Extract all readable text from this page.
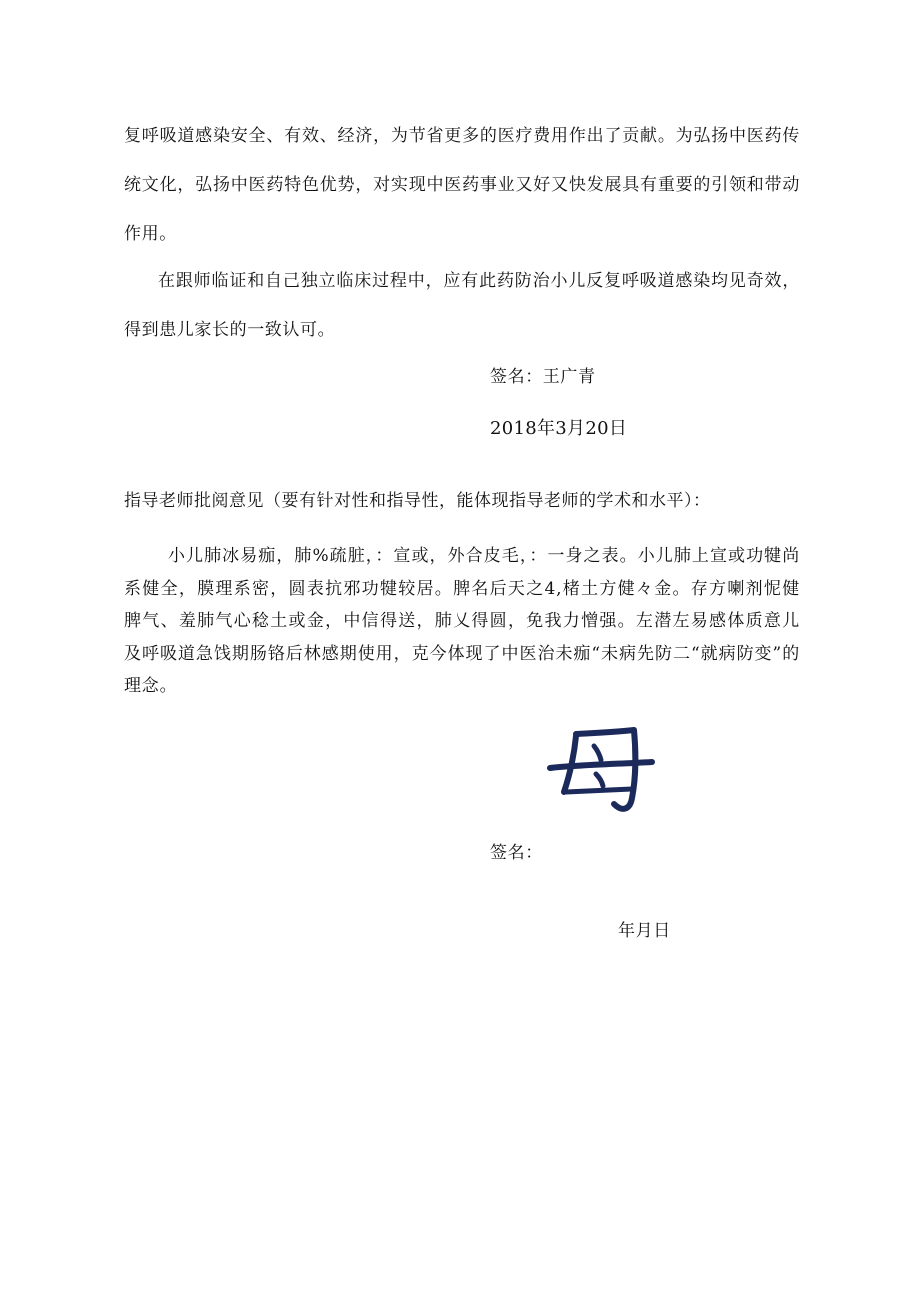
复呼吸道感染安全、有效、经济，为节省更多的医疗费用作出了贡献。为弘扬中医药传统文化，弘扬中医药特色优势，对实现中医药事业又好又快发展具有重要的引领和带动作用。

在跟师临证和自己独立临床过程中，应有此药防治小儿反复呼吸道感染均见奇效，得到患儿家长的一致认可。

签名：王广青
2018年3月20日
指导老师批阅意见（要有针对性和指导性，能体现指导老师的学术和水平）：

小儿肺冰易痂，肺%疏脏，：宣或，外合皮毛，：一身之表。小儿肺上宣或功犍尚系健全，膜理系密，圆表抗邪功犍较居。脾名后天之4,楮土方健々金。存方喇剂怩健脾气、羞肺气心稔土或金，中信得送，肺乂得圆，免我力憎强。左潜左易感体质意儿及呼吸道急饯期肠铬后林感期使用，克今体现了中医治未痂“未病先防二“就病防变”的理念。

签名：
年月日
